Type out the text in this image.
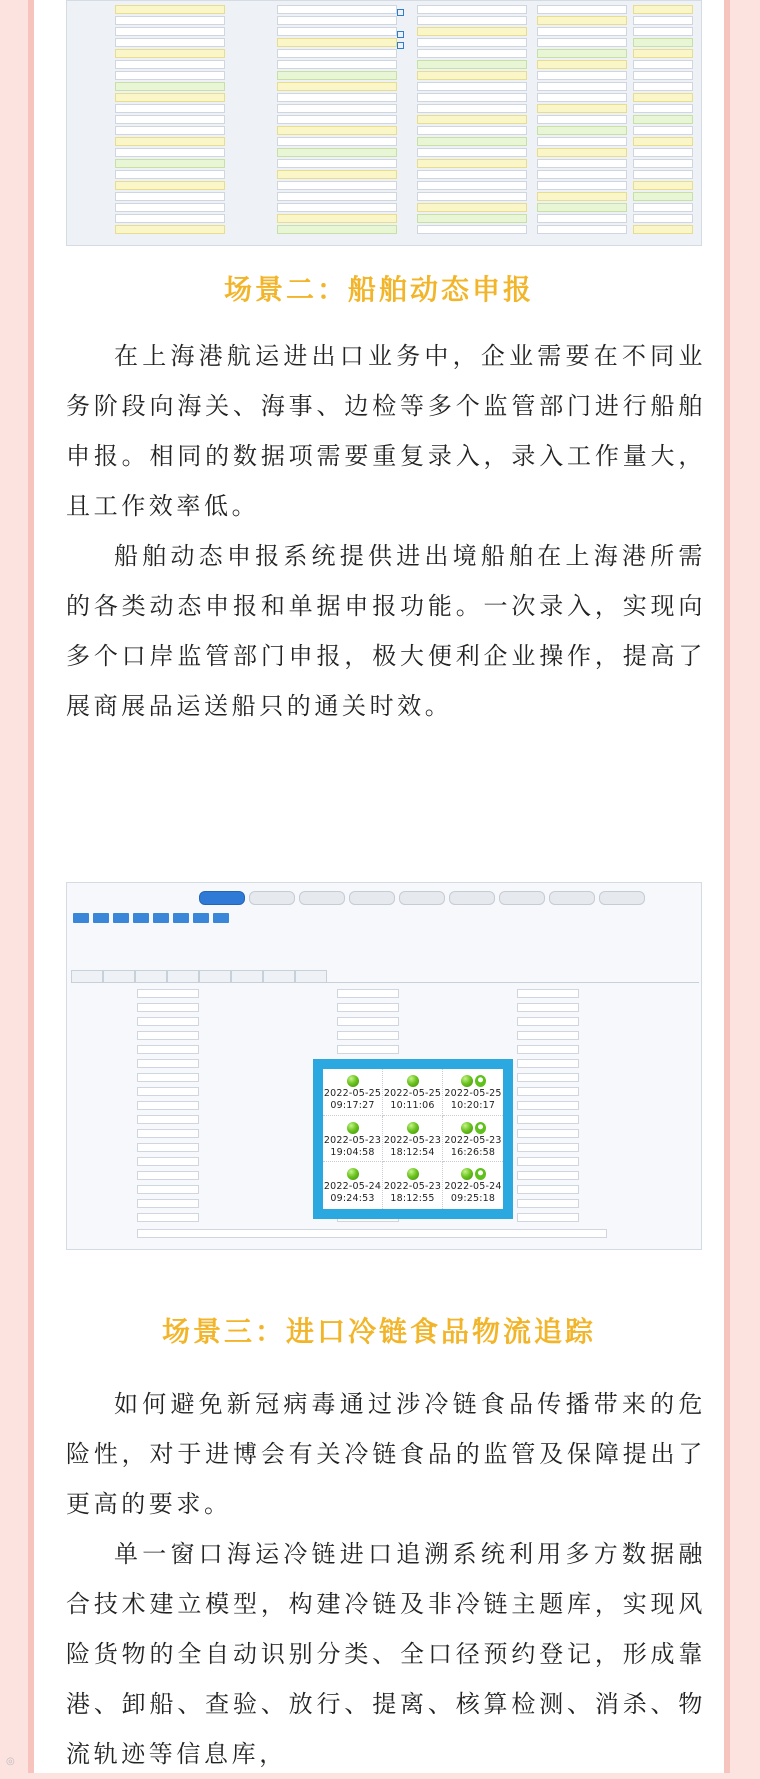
场景二：船舶动态申报

在上海港航运进出口业务中，企业需要在不同业务阶段向海关、海事、边检等多个监管部门进行船舶申报。相同的数据项需要重复录入，录入工作量大，且工作效率低。

船舶动态申报系统提供进出境船舶在上海港所需的各类动态申报和单据申报功能。一次录入，实现向多个口岸监管部门申报，极大便利企业操作，提高了展商展品运送船只的通关时效。

2022-05-25
09:17:27
2022-05-25
10:11:06
2022-05-25
10:20:17
2022-05-23
19:04:58
2022-05-23
18:12:54
2022-05-23
16:26:58
2022-05-24
09:24:53
2022-05-23
18:12:55
2022-05-24
09:25:18
场景三：进口冷链食品物流追踪

如何避免新冠病毒通过涉冷链食品传播带来的危险性，对于进博会有关冷链食品的监管及保障提出了更高的要求。

单一窗口海运冷链进口追溯系统利用多方数据融合技术建立模型，构建冷链及非冷链主题库，实现风险货物的全自动识别分类、全口径预约登记，形成靠港、卸船、查验、放行、提离、核算检测、消杀、物流轨迹等信息库，

◎
